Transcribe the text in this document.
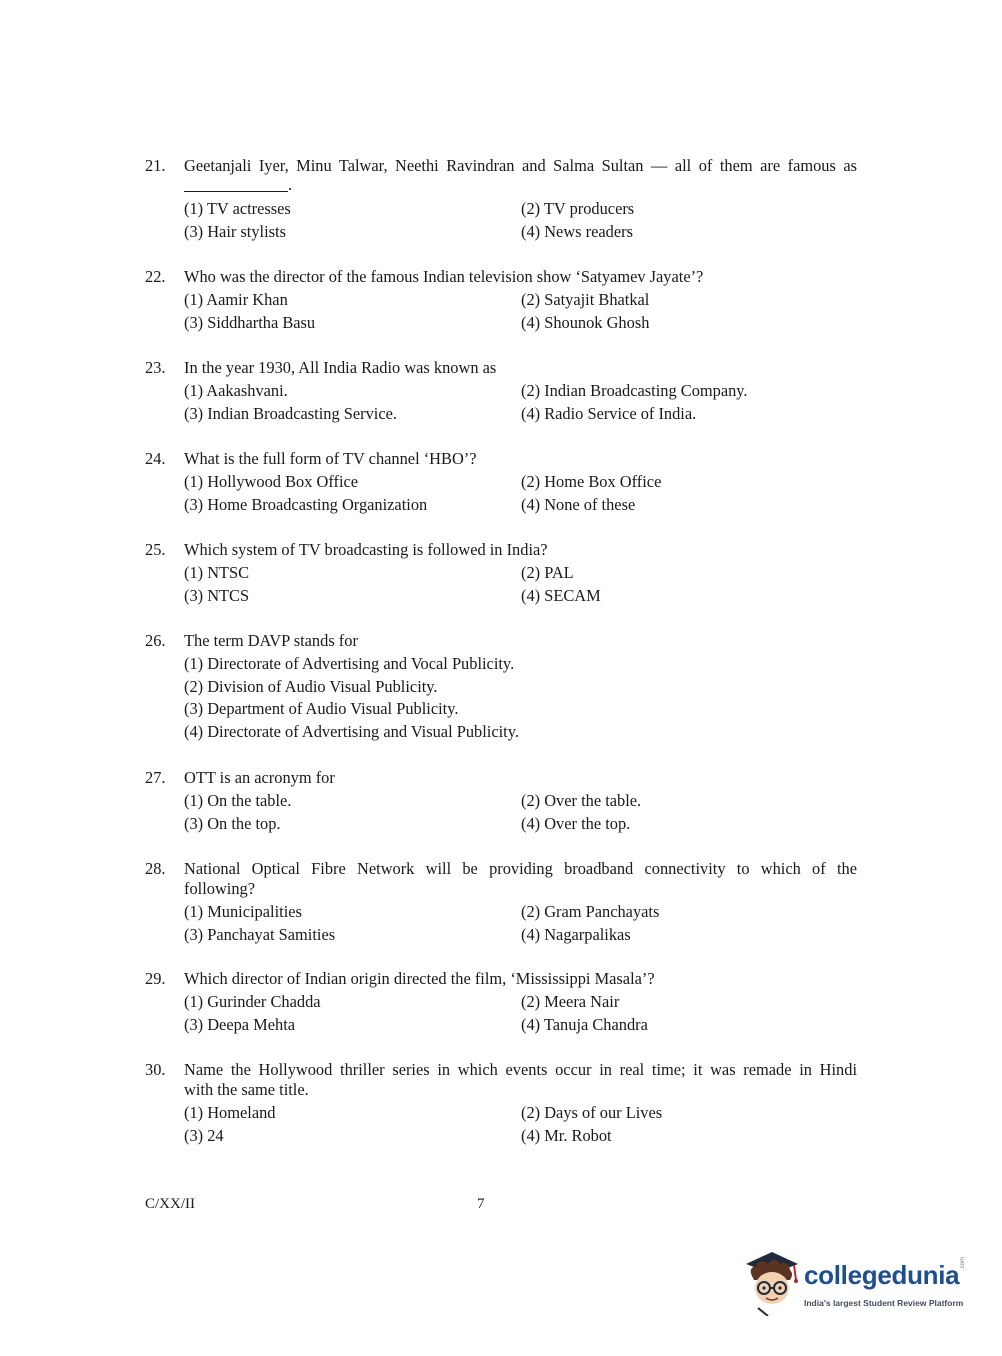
21. Geetanjali Iyer, Minu Talwar, Neethi Ravindran and Salma Sultan — all of them are famous as
.
(1) TV actresses	(2) TV producers
(3) Hair stylists	(4) News readers
22. Who was the director of the famous Indian television show ‘Satyamev Jayate’?
(1) Aamir Khan	(2) Satyajit Bhatkal
(3) Siddhartha Basu	(4) Shounok Ghosh
23. In the year 1930, All India Radio was known as
(1) Aakashvani.	(2) Indian Broadcasting Company.
(3) Indian Broadcasting Service.	(4) Radio Service of India.
24. What is the full form of TV channel ‘HBO’?
(1) Hollywood Box Office	(2) Home Box Office
(3) Home Broadcasting Organization	(4) None of these
25. Which system of TV broadcasting is followed in India?
(1) NTSC	(2) PAL
(3) NTCS	(4) SECAM
26. The term DAVP stands for
(1) Directorate of Advertising and Vocal Publicity.
(2) Division of Audio Visual Publicity.
(3) Department of Audio Visual Publicity.
(4) Directorate of Advertising and Visual Publicity.
27. OTT is an acronym for
(1) On the table.	(2) Over the table.
(3) On the top.	(4) Over the top.
28. National Optical Fibre Network will be providing broadband connectivity to which of the
following?
(1) Municipalities	(2) Gram Panchayats
(3) Panchayat Samities	(4) Nagarpalikas
29. Which director of Indian origin directed the film, ‘Mississippi Masala’?
(1) Gurinder Chadda	(2) Meera Nair
(3) Deepa Mehta	(4) Tanuja Chandra
30. Name the Hollywood thriller series in which events occur in real time; it was remade in Hindi
with the same title.
(1) Homeland	(2) Days of our Lives
(3) 24	(4) Mr. Robot
C/XX/II	7
collegedunia .com
India's largest Student Review Platform
